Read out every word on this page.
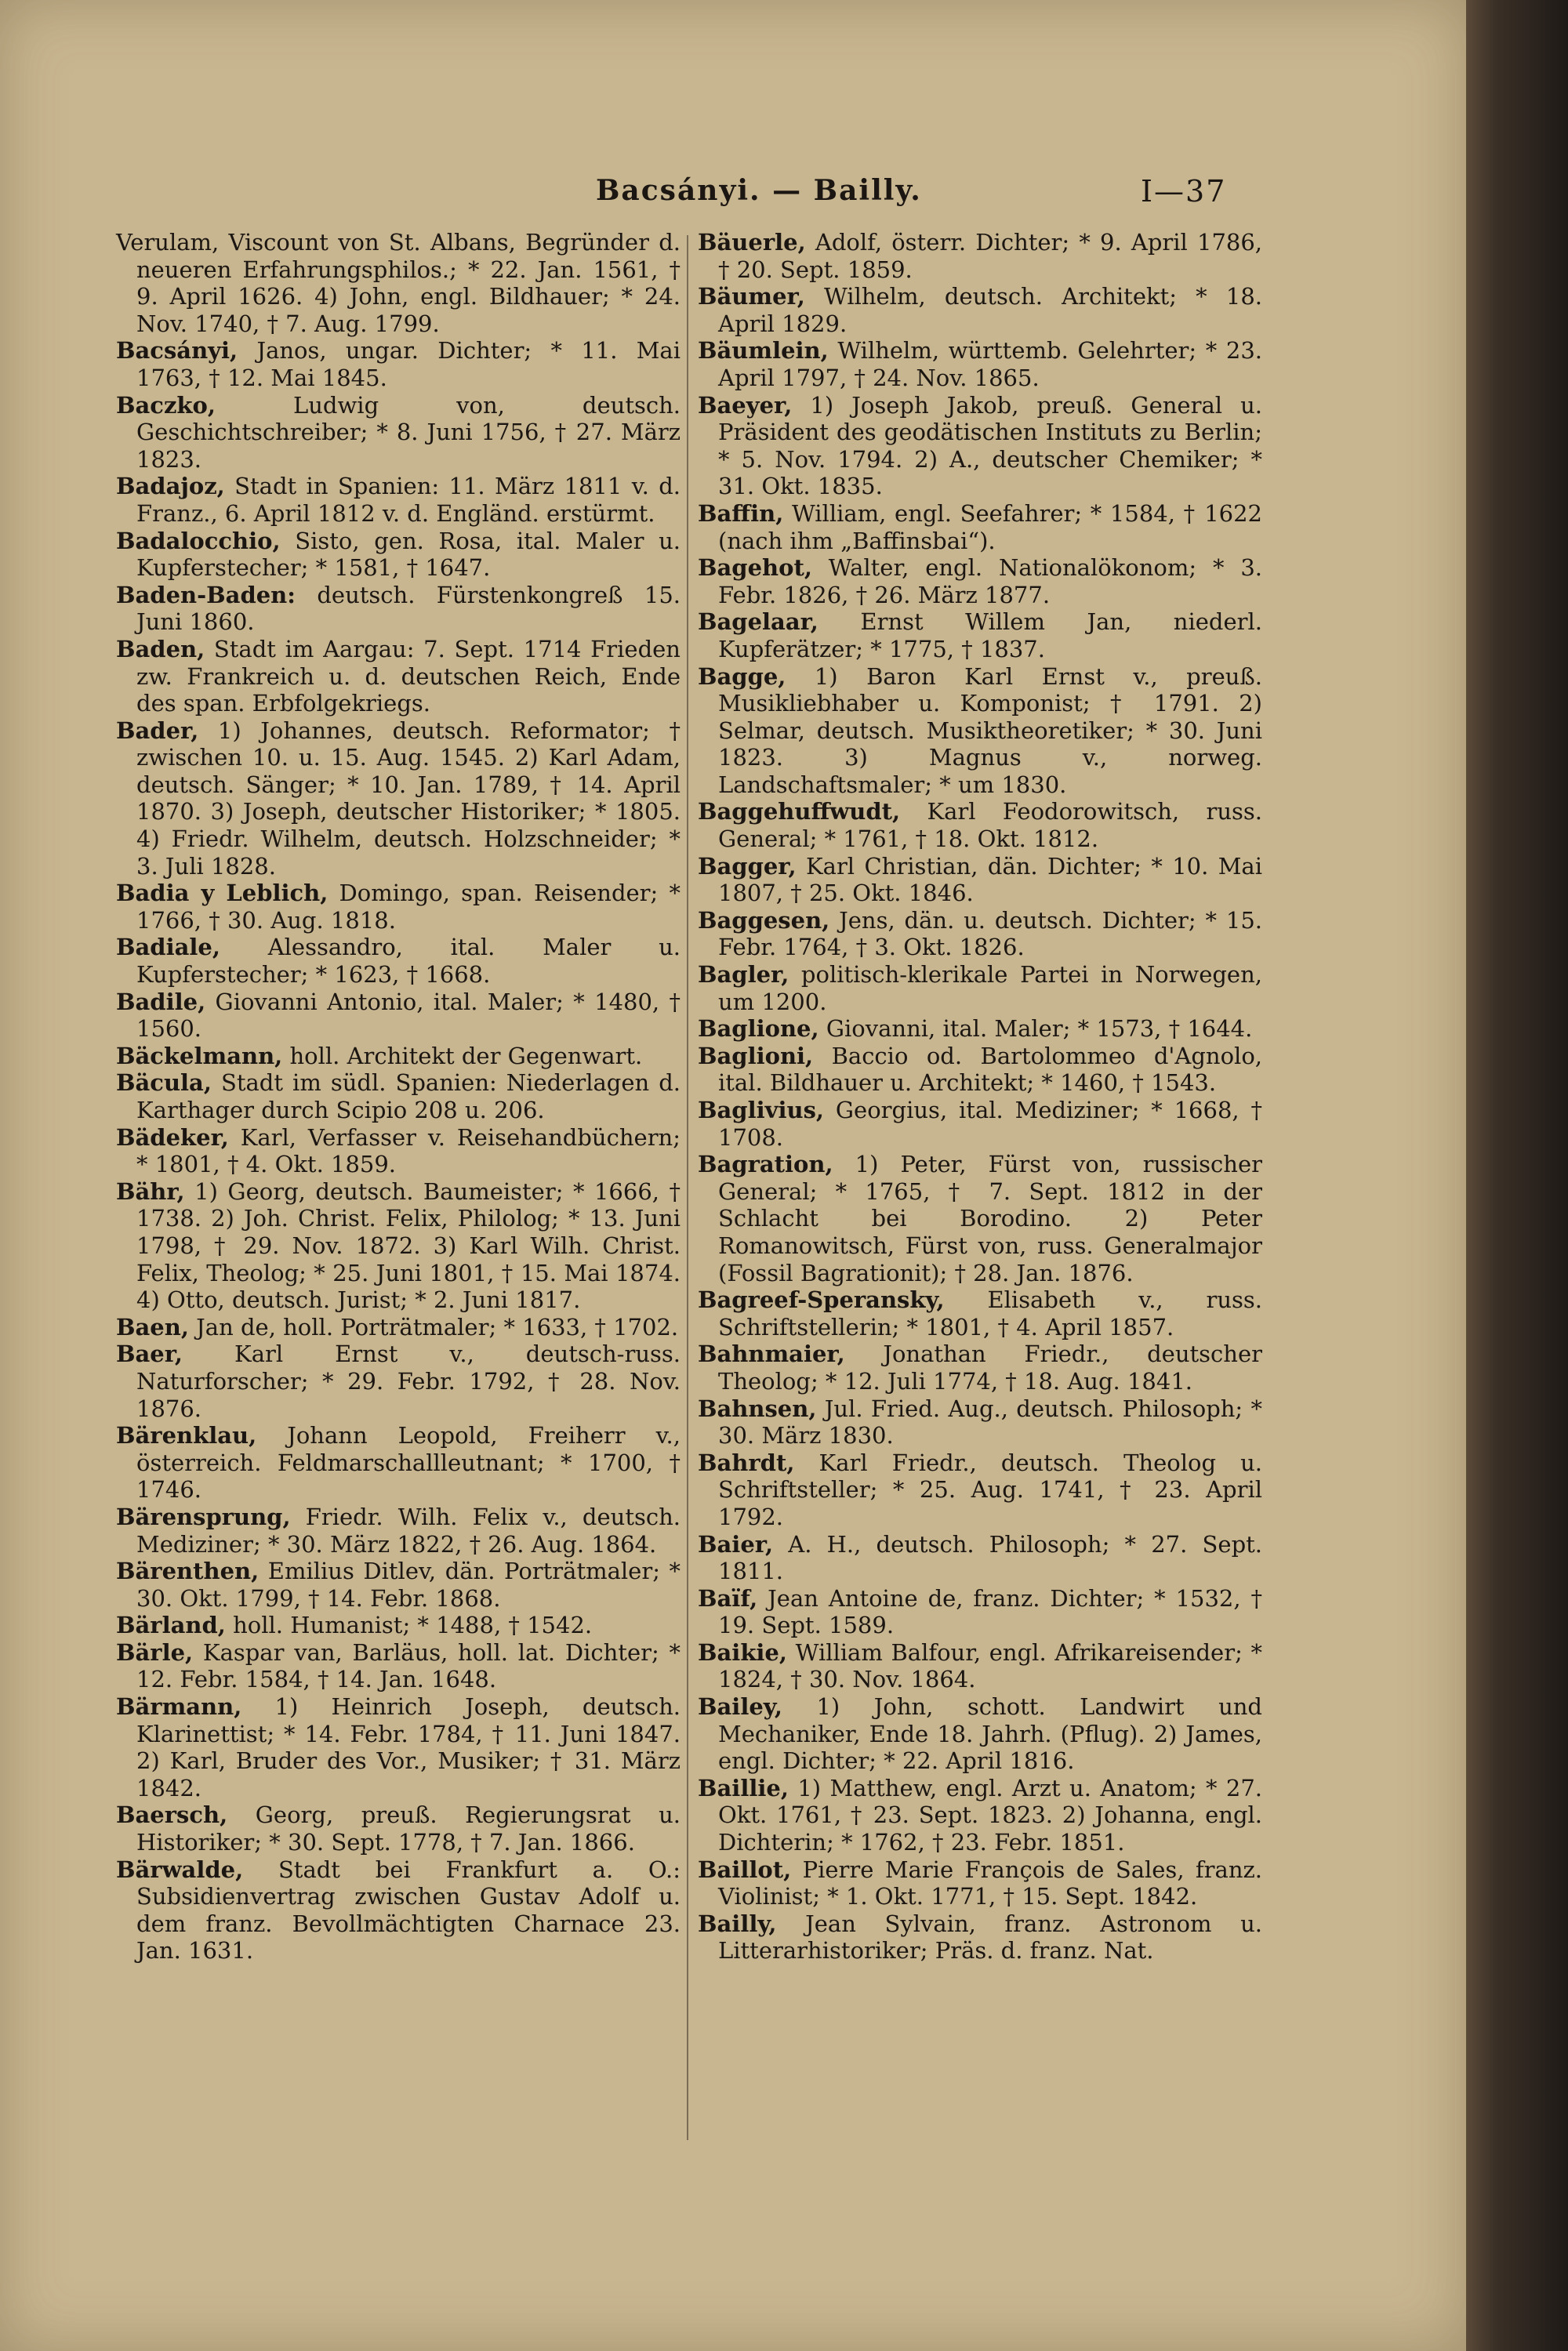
Bacsányi. — Bailly.	I—37
Verulam, Viscount von St. Albans, Begründer d. neueren Erfahrungsphilos.; * 22. Jan. 1561, † 9. April 1626. 4) John, engl. Bildhauer; * 24. Nov. 1740, † 7. Aug. 1799.
Bacsányi, Janos, ungar. Dichter; * 11. Mai 1763, † 12. Mai 1845.
Baczko,	Ludwig von, deutsch. Geschichtschreiber; * 8. Juni 1756, † 27. März 1823.
Badajoz, Stadt in Spanien: 11. März 1811 v. d. Franz., 6. April 1812 v. d. Engländ. erstürmt.
Badalocchio, Sisto, gen. Rosa, ital. Maler u. Kupferstecher; * 1581, † 1647.
Baden-Baden: deutsch. Fürstenkongreß 15. Juni 1860.
Baden, Stadt im Aargau: 7. Sept. 1714 Frieden zw. Frankreich u. d. deutschen Reich, Ende des span. Erbfolgekriegs.
Bader, 1) Johannes, deutsch. Reformator; † zwischen 10. u. 15. Aug. 1545. 2) Karl Adam, deutsch. Sänger; * 10. Jan. 1789, † 14. April 1870. 3) Joseph, deutscher Historiker; * 1805. 4) Friedr. Wilhelm, deutsch. Holzschneider; * 3. Juli 1828.
Badia y Leblich, Domingo, span. Reisender; * 1766, † 30. Aug. 1818.
Badiale, Alessandro, ital. Maler u. Kupferstecher; * 1623, † 1668.
Badile, Giovanni Antonio, ital. Maler; * 1480, † 1560.
Bäckelmann, holl. Architekt der Gegenwart.
Bäcula, Stadt im südl. Spanien: Niederlagen d. Karthager durch Scipio 208 u. 206.
Bädeker, Karl, Verfasser v. Reisehandbüchern; * 1801, † 4. Okt. 1859.
Bähr, 1) Georg, deutsch. Baumeister; * 1666, † 1738. 2) Joh. Christ. Felix, Philolog; * 13. Juni 1798, † 29. Nov. 1872. 3) Karl Wilh. Christ. Felix, Theolog; * 25. Juni 1801, † 15. Mai 1874. 4) Otto, deutsch. Jurist; * 2. Juni 1817.
Baen, Jan de, holl. Porträtmaler; * 1633, † 1702.
Baer, Karl Ernst v., deutsch-russ. Naturforscher; * 29. Febr. 1792, † 28. Nov. 1876.
Bärenklau, Johann Leopold, Freiherr v., österreich. Feldmarschallleutnant; * 1700, † 1746.
Bärensprung, Friedr. Wilh. Felix v., deutsch. Mediziner; * 30. März 1822, † 26. Aug. 1864.
Bärenthen, Emilius Ditlev, dän. Porträtmaler; * 30. Okt. 1799, † 14. Febr. 1868.
Bärland, holl. Humanist; * 1488, † 1542.
Bärle, Kaspar van, Barläus, holl. lat. Dichter; * 12. Febr. 1584, † 14. Jan. 1648.
Bärmann, 1) Heinrich Joseph, deutsch. Klarinettist; * 14. Febr. 1784, † 11. Juni 1847. 2) Karl, Bruder des Vor., Musiker; † 31. März 1842.
Baersch, Georg, preuß. Regierungsrat u. Historiker; * 30. Sept. 1778, † 7. Jan. 1866.
Bärwalde, Stadt bei Frankfurt a. O.: Subsidienvertrag zwischen Gustav Adolf u. dem franz. Bevollmächtigten Charnace 23. Jan. 1631.
Bäuerle, Adolf, österr. Dichter; * 9. April 1786, † 20. Sept. 1859.
Bäumer, Wilhelm, deutsch. Architekt; * 18. April 1829.
Bäumlein, Wilhelm, württemb. Gelehrter; * 23. April 1797, † 24. Nov. 1865.
Baeyer, 1) Joseph Jakob, preuß. General u. Präsident des geodätischen Instituts zu Berlin; * 5. Nov. 1794. 2) A., deutscher Chemiker; * 31. Okt. 1835.
Baffin, William, engl. Seefahrer; * 1584, † 1622 (nach ihm „Baffinsbai“).
Bagehot, Walter, engl. Nationalökonom; * 3. Febr. 1826, † 26. März 1877.
Bagelaar, Ernst Willem Jan, niederl. Kupferätzer; * 1775, † 1837.
Bagge, 1) Baron Karl Ernst v., preuß. Musikliebhaber u. Komponist; † 1791. 2) Selmar, deutsch. Musiktheoretiker; * 30. Juni 1823. 3) Magnus v., norweg. Landschaftsmaler; * um 1830.
Baggehuffwudt, Karl Feodorowitsch, russ. General; * 1761, † 18. Okt. 1812.
Bagger, Karl Christian, dän. Dichter; * 10. Mai 1807, † 25. Okt. 1846.
Baggesen, Jens, dän. u. deutsch. Dichter; * 15. Febr. 1764, † 3. Okt. 1826.
Bagler, politisch-klerikale Partei in Norwegen, um 1200.
Baglione, Giovanni, ital. Maler; * 1573, † 1644.
Baglioni, Baccio od. Bartolommeo d'Agnolo, ital. Bildhauer u. Architekt; * 1460, † 1543.
Baglivius, Georgius, ital. Mediziner; * 1668, † 1708.
Bagration, 1) Peter, Fürst von, russischer General; * 1765, † 7. Sept. 1812 in der Schlacht bei Borodino. 2) Peter Romanowitsch, Fürst von, russ. Generalmajor (Fossil Bagrationit); † 28. Jan. 1876.
Bagreef-Speransky, Elisabeth v., russ. Schriftstellerin; * 1801, † 4. April 1857.
Bahnmaier, Jonathan Friedr., deutscher Theolog; * 12. Juli 1774, † 18. Aug. 1841.
Bahnsen, Jul. Fried. Aug., deutsch. Philosoph; * 30. März 1830.
Bahrdt, Karl Friedr., deutsch. Theolog u. Schriftsteller; * 25. Aug. 1741, † 23. April 1792.
Baier, A. H., deutsch. Philosoph; * 27. Sept. 1811.
Baïf, Jean Antoine de, franz. Dichter; * 1532, † 19. Sept. 1589.
Baikie, William Balfour, engl. Afrikareisender; * 1824, † 30. Nov. 1864.
Bailey, 1) John, schott. Landwirt und Mechaniker, Ende 18. Jahrh. (Pflug). 2) James, engl. Dichter; * 22. April 1816.
Baillie, 1) Matthew, engl. Arzt u. Anatom; * 27. Okt. 1761, † 23. Sept. 1823. 2) Johanna, engl. Dichterin; * 1762, † 23. Febr. 1851.
Baillot, Pierre Marie François de Sales, franz. Violinist; * 1. Okt. 1771, † 15. Sept. 1842.
Bailly, Jean Sylvain, franz. Astronom u. Litterarhistoriker; Präs. d. franz. Nat.
